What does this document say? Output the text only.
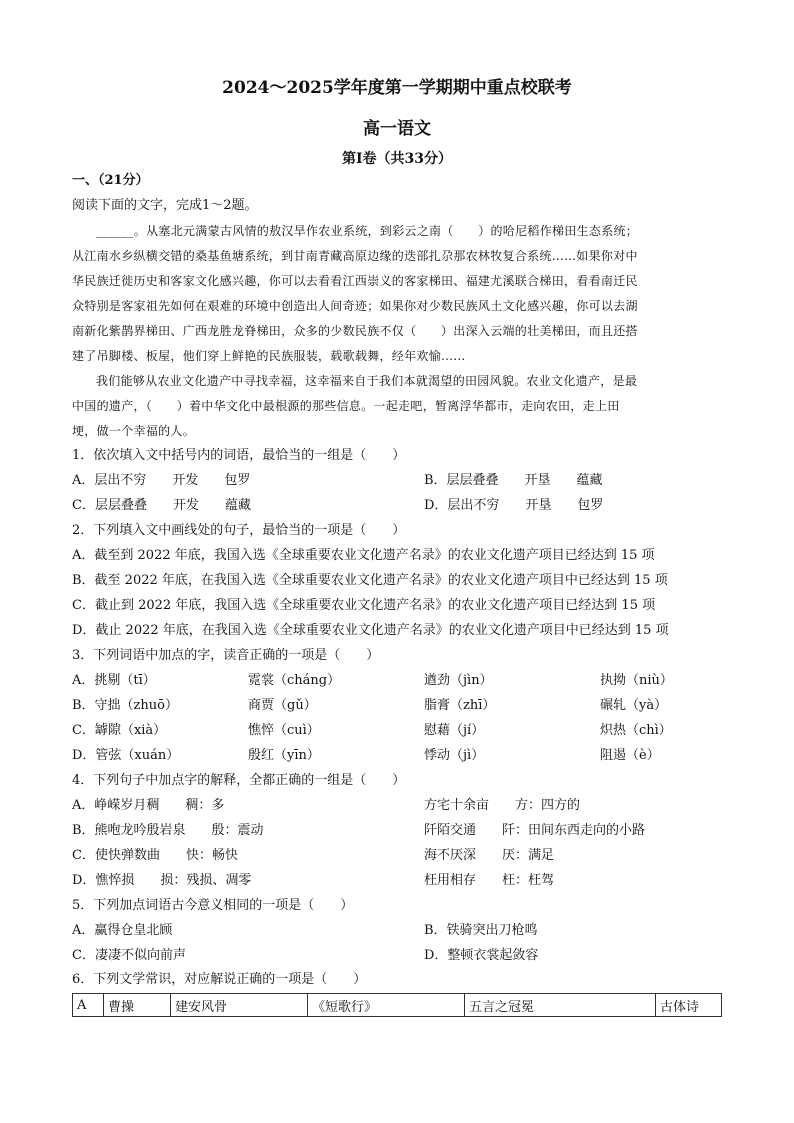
2024～2025学年度第一学期期中重点校联考
高一语文
第Ⅰ卷（共33分）
一、（21分）
阅读下面的文字，完成1～2题。
______。从塞北元满蒙古风情的敖汉旱作农业系统，到彩云之南（　　）的哈尼稻作梯田生态系统；
从江南水乡纵横交错的桑基鱼塘系统，到甘南青藏高原边缘的迭部扎尕那农林牧复合系统……如果你对中
华民族迁徙历史和客家文化感兴趣，你可以去看看江西崇义的客家梯田、福建尤溪联合梯田，看看南迁民
众特别是客家祖先如何在艰难的环境中创造出人间奇迹；如果你对少数民族风土文化感兴趣，你可以去湖
南新化紫鹊界梯田、广西龙胜龙脊梯田，众多的少数民族不仅（　　）出深入云端的壮美梯田，而且还搭
建了吊脚楼、板屋，他们穿上鲜艳的民族服装，载歌载舞，经年欢愉……
我们能够从农业文化遗产中寻找幸福，这幸福来自于我们本就渴望的田园风貌。农业文化遗产，是最
中国的遗产，（　　）着中华文化中最根源的那些信息。一起走吧，暂离浮华都市，走向农田，走上田
埂，做一个幸福的人。
1．依次填入文中括号内的词语，最恰当的一组是（　　）
A．层出不穷　　开发　　包罗	B．层层叠叠　　开垦　　蕴藏
C．层层叠叠　　开发　　蕴藏	D．层出不穷　　开垦　　包罗
2．下列填入文中画线处的句子，最恰当的一项是（　　）
A．截至到 2022 年底，我国入选《全球重要农业文化遗产名录》的农业文化遗产项目已经达到 15 项
B．截至 2022 年底，在我国入选《全球重要农业文化遗产名录》的农业文化遗产项目中已经达到 15 项
C．截止到 2022 年底，我国入选《全球重要农业文化遗产名录》的农业文化遗产项目已经达到 15 项
D．截止 2022 年底，在我国入选《全球重要农业文化遗产名录》的农业文化遗产项目中已经达到 15 项
3．下列词语中加点的字，读音正确的一项是（　　）
A．挑剔（tī）	霓裳（cháng）	遒劲（jìn）	执拗（niù）
B．守拙（zhuō）	商贾（gǔ）	脂膏（zhī）	碾轧（yà）
C．罅隙（xià）	憔悴（cuì）	慰藉（jí）	炽热（chì）
D．管弦（xuán）	殷红（yīn）	悸动（jì）	阻遏（è）
4．下列句子中加点字的解释，全都正确的一组是（　　）
A．峥嵘岁月稠　　稠：多	方宅十余亩　　方：四方的
B．熊咆龙吟殷岩泉　　殷：震动	阡陌交通　　阡：田间东西走向的小路
C．使快弹数曲　　快：畅快	海不厌深　　厌：满足
D．憔悴损　　损：残损、凋零	枉用相存　　枉：枉驾
5．下列加点词语古今意义相同的一项是（　　）
A．赢得仓皇北顾	B．铁骑突出刀枪鸣
C．凄凄不似向前声	D．整顿衣裳起敛容
6．下列文学常识，对应解说正确的一项是（　　）
A	曹操	建安风骨	《短歌行》	五言之冠冕	古体诗
